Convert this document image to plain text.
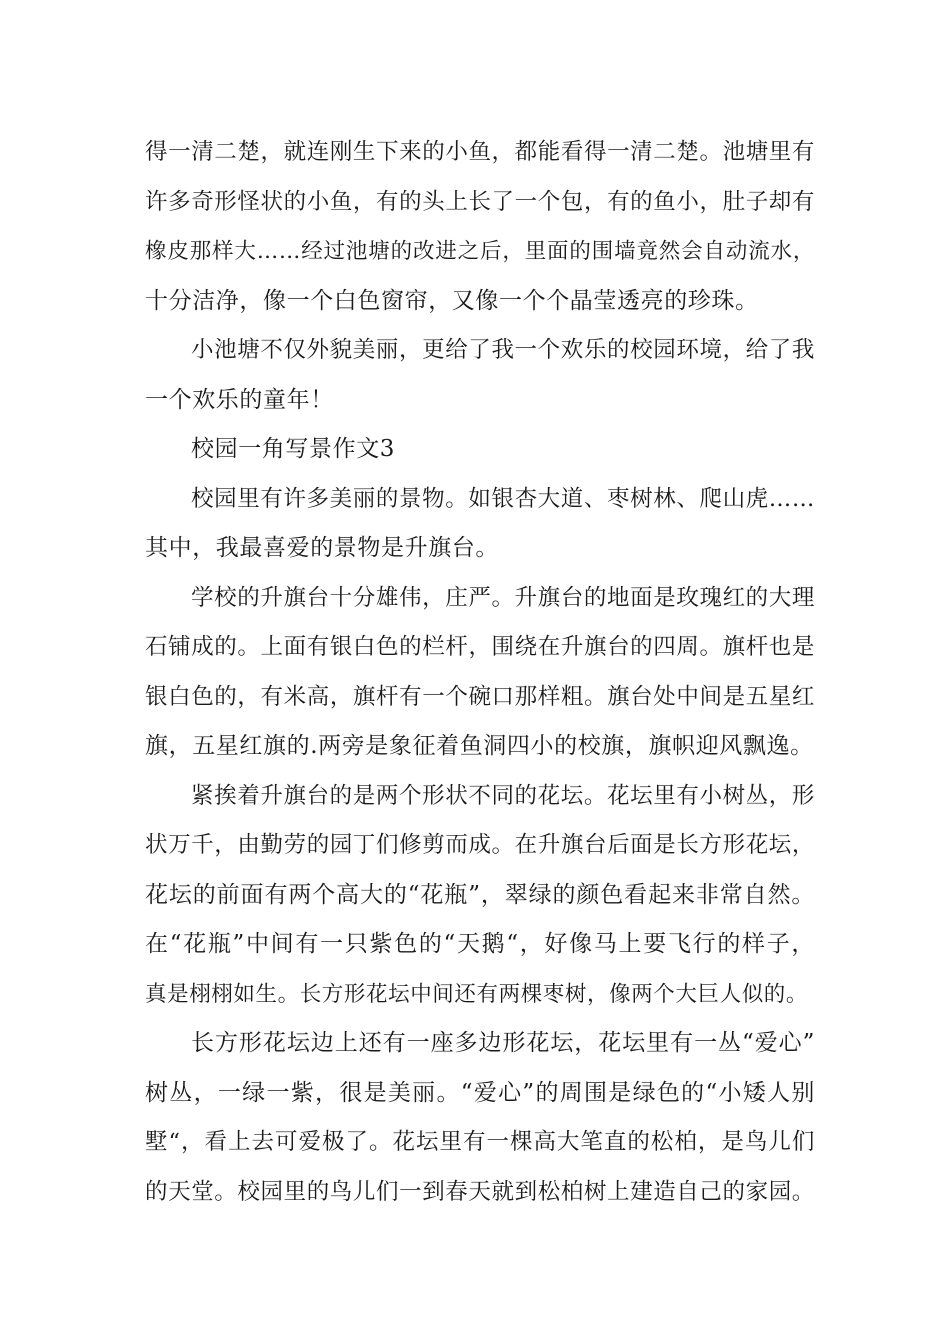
得一清二楚，就连刚生下来的小鱼，都能看得一清二楚。池塘里有
许多奇形怪状的小鱼，有的头上长了一个包，有的鱼小，肚子却有
橡皮那样大……经过池塘的改进之后，里面的围墙竟然会自动流水，
十分洁净，像一个白色窗帘，又像一个个晶莹透亮的珍珠。

小池塘不仅外貌美丽，更给了我一个欢乐的校园环境，给了我
一个欢乐的童年！

校园一角写景作文3

校园里有许多美丽的景物。如银杏大道、枣树林、爬山虎……
其中，我最喜爱的景物是升旗台。

学校的升旗台十分雄伟，庄严。升旗台的地面是玫瑰红的大理
石铺成的。上面有银白色的栏杆，围绕在升旗台的四周。旗杆也是
银白色的，有米高，旗杆有一个碗口那样粗。旗台处中间是五星红
旗，五星红旗的.两旁是象征着鱼洞四小的校旗，旗帜迎风飘逸。

紧挨着升旗台的是两个形状不同的花坛。花坛里有小树丛，形
状万千，由勤劳的园丁们修剪而成。在升旗台后面是长方形花坛，
花坛的前面有两个高大的“花瓶”，翠绿的颜色看起来非常自然。
在“花瓶”中间有一只紫色的“天鹅“，好像马上要飞行的样子，
真是栩栩如生。长方形花坛中间还有两棵枣树，像两个大巨人似的。

长方形花坛边上还有一座多边形花坛，花坛里有一丛“爱心”
树丛，一绿一紫，很是美丽。“爱心”的周围是绿色的“小矮人别
墅“，看上去可爱极了。花坛里有一棵高大笔直的松柏，是鸟儿们
的天堂。校园里的鸟儿们一到春天就到松柏树上建造自己的家园。
